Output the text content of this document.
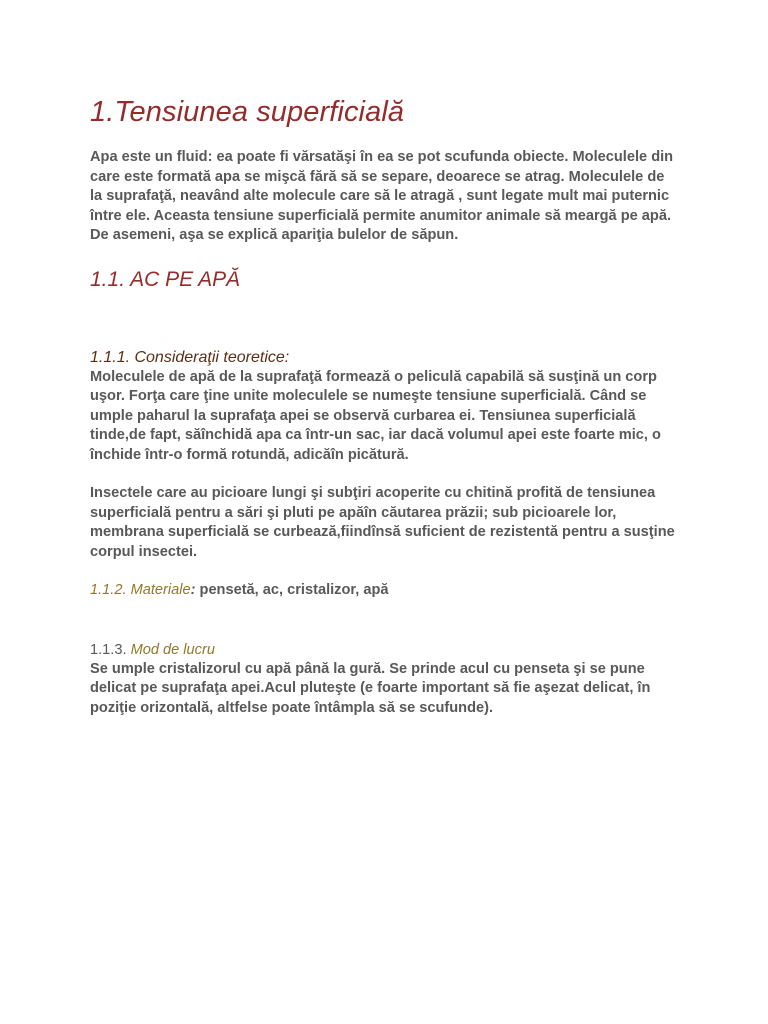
1.Tensiunea superficială

Apa este un fluid: ea poate fi vărsatăşi în ea se pot scufunda obiecte. Moleculele din care este formată apa se mişcă fără să se separe, deoarece se atrag. Moleculele de la suprafaţă, neavând alte molecule care să le atragă , sunt legate mult mai puternic între ele. Aceasta tensiune superficială permite anumitor animale să meargă pe apă. De asemeni, aşa se explică apariţia bulelor de săpun.

1.1. AC PE APĂ

1.1.1. Consideraţii teoretice:

Moleculele de apă de la suprafaţă formează o peliculă capabilă să susţină un corp uşor. Forţa care ţine unite moleculele se numeşte tensiune superficială. Când se umple paharul la suprafaţa apei se observă curbarea ei. Tensiunea superficială tinde,de fapt, săînchidă apa ca într-un sac, iar dacă volumul apei este foarte mic, o închide într-o formă rotundă, adicăîn picătură.

Insectele care au picioare lungi şi subţiri acoperite cu chitină profită de tensiunea superficială pentru a sări şi pluti pe apăîn căutarea prăzii; sub picioarele lor, membrana superficială se curbează,fiindînsă suficient de rezistentă pentru a susţine corpul insectei.

1.1.2. Materiale: pensetă, ac, cristalizor, apă

1.1.3. Mod de lucru

Se umple cristalizorul cu apă până la gură. Se prinde acul cu penseta şi se pune delicat pe suprafaţa apei.Acul pluteşte (e foarte important să fie aşezat delicat, în poziţie orizontală, altfelse poate întâmpla să se scufunde).
